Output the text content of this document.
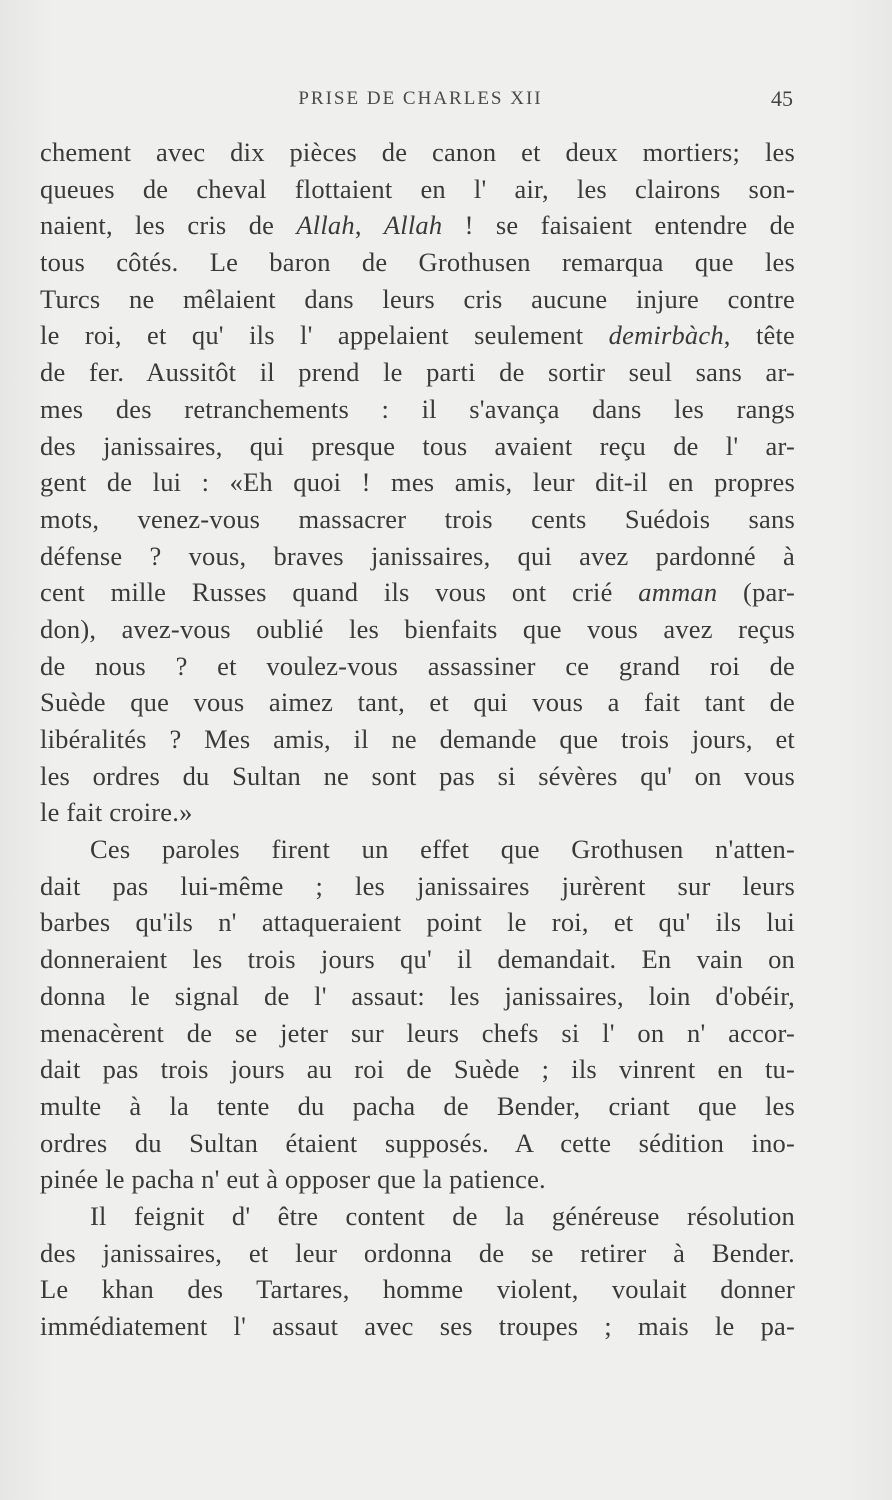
PRISE DE CHARLES XII	45
chement avec dix pièces de canon et deux mortiers; les
queues de cheval flottaient en l' air, les clairons son-
naient, les cris de Allah, Allah ! se faisaient entendre de
tous côtés. Le baron de Grothusen remarqua que les
Turcs ne mêlaient dans leurs cris aucune injure contre
le roi, et qu' ils l' appelaient seulement demirbàch, tête
de fer. Aussitôt il prend le parti de sortir seul sans ar-
mes des retranchements : il s'avança dans les rangs
des janissaires, qui presque tous avaient reçu de l' ar-
gent de lui : «Eh quoi ! mes amis, leur dit-il en propres
mots, venez-vous massacrer trois cents Suédois sans
défense ? vous, braves janissaires, qui avez pardonné à
cent mille Russes quand ils vous ont crié amman (par-
don), avez-vous oublié les bienfaits que vous avez reçus
de nous ? et voulez-vous assassiner ce grand roi de
Suède que vous aimez tant, et qui vous a fait tant de
libéralités ? Mes amis, il ne demande que trois jours, et
les ordres du Sultan ne sont pas si sévères qu' on vous
le fait croire.»
Ces paroles firent un effet que Grothusen n'atten-
dait pas lui-même ; les janissaires jurèrent sur leurs
barbes qu'ils n' attaqueraient point le roi, et qu' ils lui
donneraient les trois jours qu' il demandait. En vain on
donna le signal de l' assaut: les janissaires, loin d'obéir,
menacèrent de se jeter sur leurs chefs si l' on n' accor-
dait pas trois jours au roi de Suède ; ils vinrent en tu-
multe à la tente du pacha de Bender, criant que les
ordres du Sultan étaient supposés. A cette sédition ino-
pinée le pacha n' eut à opposer que la patience.
Il feignit d' être content de la généreuse résolution
des janissaires, et leur ordonna de se retirer à Bender.
Le khan des Tartares, homme violent, voulait donner
immédiatement l' assaut avec ses troupes ; mais le pa-
